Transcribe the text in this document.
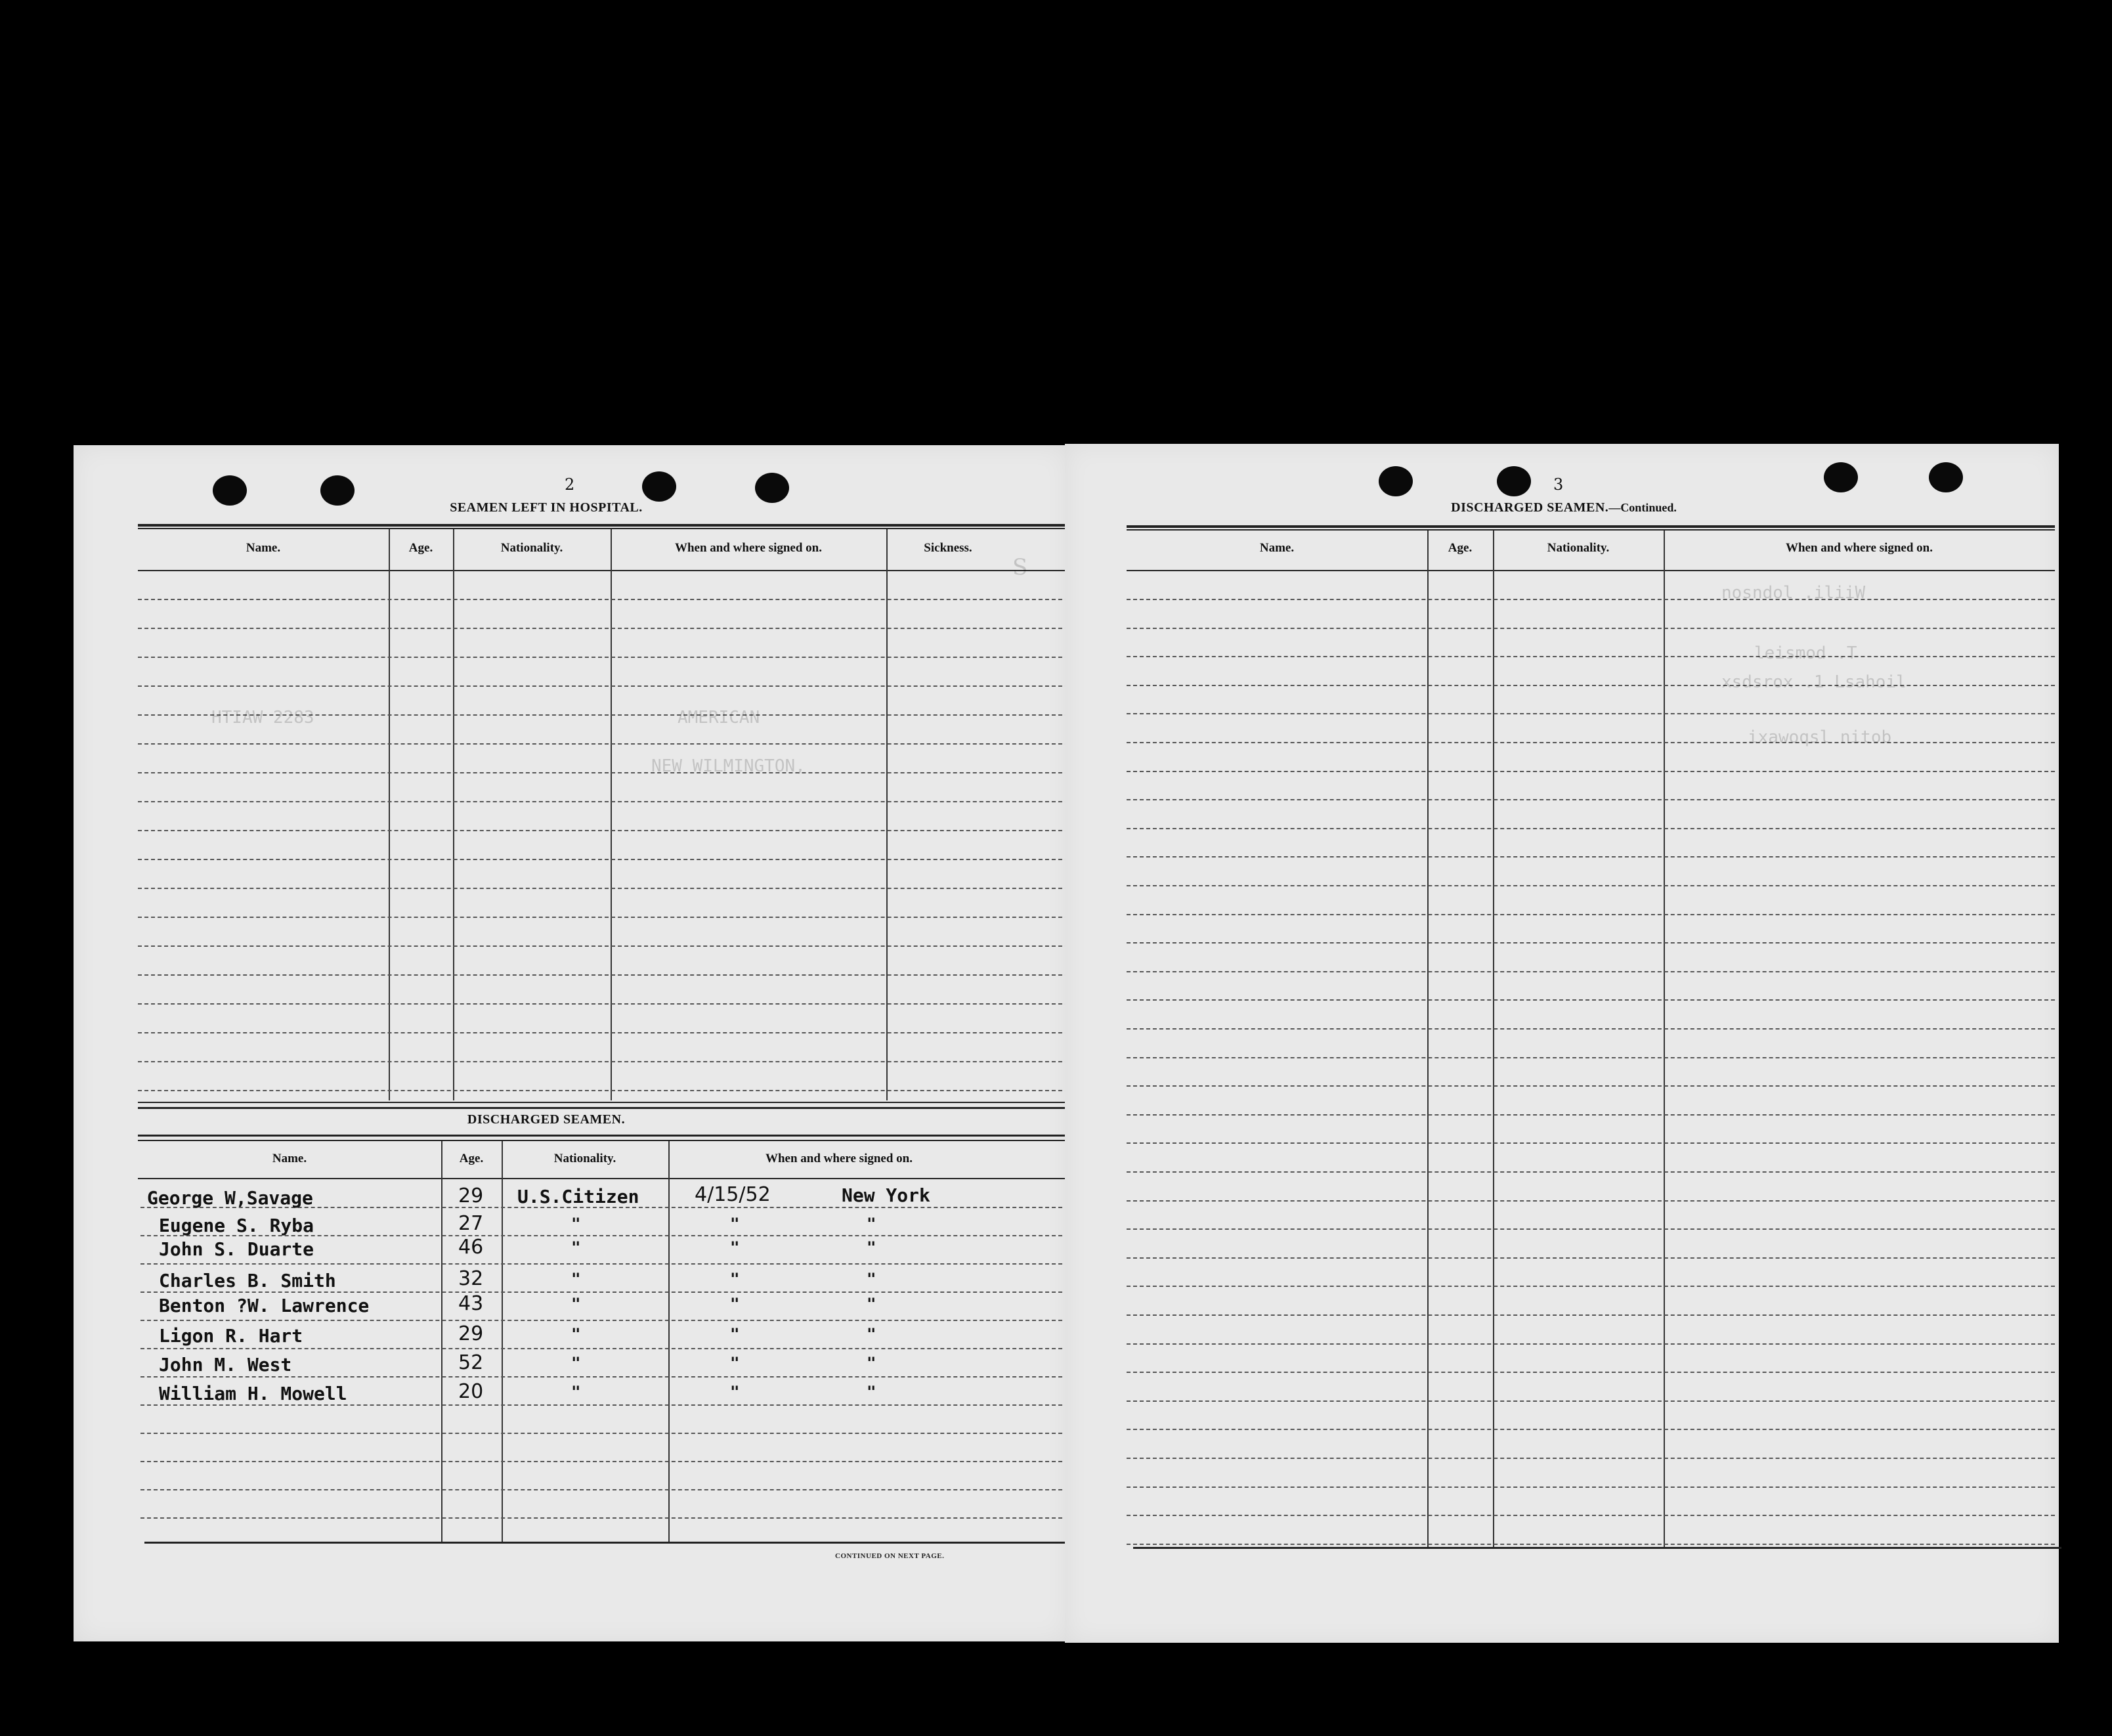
2
SEAMEN LEFT IN HOSPITAL.
Name.	Age.	Nationality.	When and where signed on.	Sickness.
DISCHARGED SEAMEN.
Name.	Age.	Nationality.	When and where signed on.
George W,Savage	29 U.S.Citizen	4/15/52	New York
Eugene S. Ryba	27	"	"	"
John S. Duarte	46	"	"	"
Charles B. Smith	32	"	"	"
Benton ?W. Lawrence	43	"	"	"
Ligon R. Hart	29	"	"	"
John M. West	52	"	"	"
William H. Mowell	20	"	"	"
CONTINUED ON NEXT PAGE.
S
AMERICAN
NEW WILMINGTON,
HTIAW 2283
3
DISCHARGED SEAMEN.—Continued.
Name.	Age.	Nationality.	When and where signed on.
nosndol .iliiW
leismod .T
xsdsrox .1 Lsahoil
ixawoqsl nitob
